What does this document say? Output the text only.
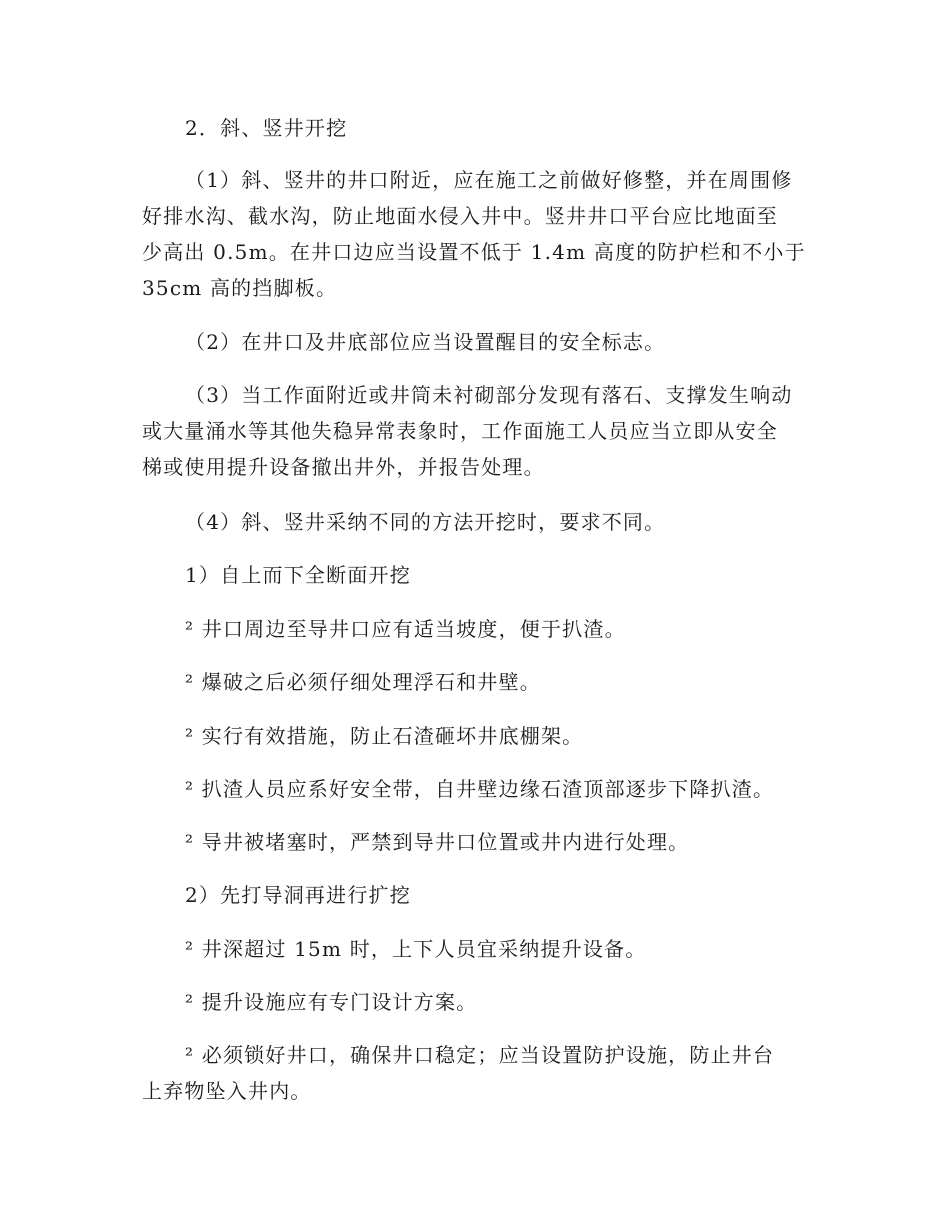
2．斜、竖井开挖
（1）斜、竖井的井口附近，应在施工之前做好修整，并在周围修
好排水沟、截水沟，防止地面水侵入井中。竖井井口平台应比地面至
少高出 0.5m。在井口边应当设置不低于 1.4m 高度的防护栏和不小于
35cm 高的挡脚板。
（2）在井口及井底部位应当设置醒目的安全标志。
（3）当工作面附近或井筒未衬砌部分发现有落石、支撑发生响动
或大量涌水等其他失稳异常表象时，工作面施工人员应当立即从安全
梯或使用提升设备撤出井外，并报告处理。
（4）斜、竖井采纳不同的方法开挖时，要求不同。
1）自上而下全断面开挖
² 井口周边至导井口应有适当坡度，便于扒渣。
² 爆破之后必须仔细处理浮石和井壁。
² 实行有效措施，防止石渣砸坏井底棚架。
² 扒渣人员应系好安全带，自井壁边缘石渣顶部逐步下降扒渣。
² 导井被堵塞时，严禁到导井口位置或井内进行处理。
2）先打导洞再进行扩挖
² 井深超过 15m 时，上下人员宜采纳提升设备。
² 提升设施应有专门设计方案。
² 必须锁好井口，确保井口稳定；应当设置防护设施，防止井台
上弃物坠入井内。
